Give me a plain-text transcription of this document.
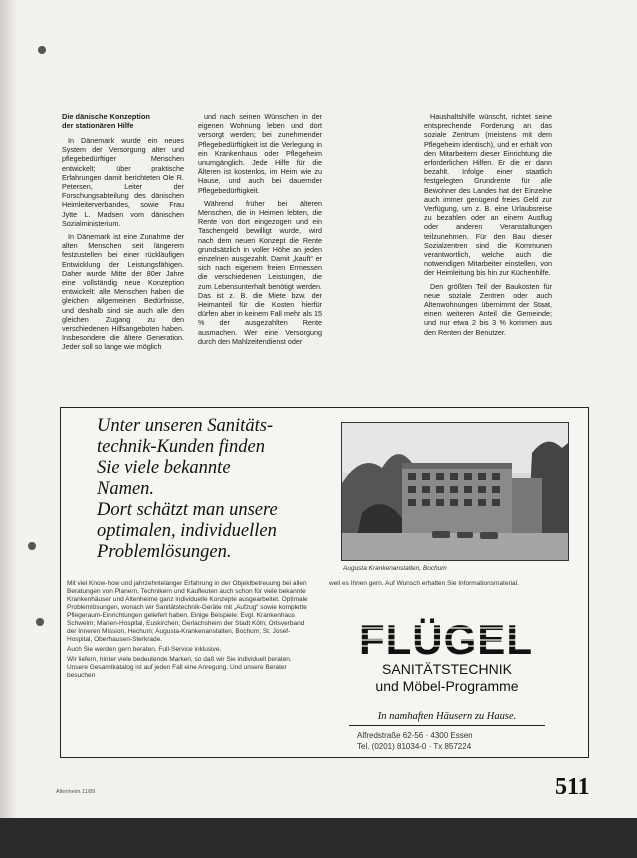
Die dänische Konzeption
der stationären Hilfe

In Dänemark wurde ein neues System der Versorgung alter und pflegebedürftiger Menschen entwickelt; über praktische Erfahrungen damit berichteten Ole R. Petersen, Leiter der Forschungsabteilung des dänischen Heimleiterverbandes, sowie Frau Jytte L. Madsen vom dänischen Sozialministerium.

In Dänemark ist eine Zunahme der alten Menschen seit längerem festzustellen bei einer rückläufigen Entwicklung der Leistungsfähigen. Daher wurde Mitte der 80er Jahre eine vollständig neue Konzeption entwickelt: alle Menschen haben die gleichen allgemeinen Bedürfnisse, und deshalb sind sie auch alle den gleichen Zugang zu den verschiedenen Hilfsangeboten haben. Insbesondere die ältere Generation. Jeder soll so lange wie möglich

und nach seinen Wünschen in der eigenen Wohnung leben und dort versorgt werden; bei zunehmender Pflegebedürftigkeit ist die Verlegung in ein Krankenhaus oder Pflegeheim unumgänglich. Jede Hilfe für die Älteren ist kostenlos, im Heim wie zu Hause, und auch bei dauernder Pflegebedürftigkeit.

Während früher bei älteren Menschen, die in Heimen lebten, die Rente von dort eingezogen und ein Taschengeld bewilligt wurde, wird nach dem neuen Konzept die Rente grundsätzlich in voller Höhe an jeden einzelnen ausgezahlt. Damit „kauft“ er sich nach eigenem freien Ermessen die verschiedenen Leistungen, die zum Lebensunterhalt benötigt werden. Das ist z. B. die Miete bzw. der Heimanteil für die Kosten hierfür dürfen aber in keinem Fall mehr als 15 % der ausgezahlten Rente ausmachen. Wer eine Versorgung durch den Mahlzeitendienst oder

Haushaltshilfe wünscht, richtet seine entsprechende Forderung an das soziale Zentrum (meistens mit dem Pflegeheim identisch), und er erhält von den Mitarbeitern dieser Einrichtung die erforderlichen Hilfen. Er die er dann bezahlt. Infolge einer staatlich festgelegten Grundrente für alle Bewohner des Landes hat der Einzelne auch immer genügend freies Geld zur Verfügung, um z. B. eine Urlaubsreise zu bezahlen oder an einem Ausflug oder anderen Veranstaltungen teilzunehmen. Für den Bau dieser Sozialzentren sind die Kommunen verantwortlich, welche auch die notwendigen Mitarbeiter einstellen, von der Heimleitung bis hin zur Küchenhilfe.

Den größten Teil der Baukosten für neue soziale Zentren oder auch Altenwohnungen übernimmt der Staat, einen weiteren Anteil die Gemeinde; und nur etwa 2 bis 3 % kommen aus den Renten der Benutzer.

Unter unseren Sanitäts-
technik-Kunden finden
Sie viele bekannte
Namen.
Dort schätzt man unsere
optimalen, individuellen
Problemlösungen.
Augusta Krankenanstalten, Bochum

Mit viel Know-how und jahrzehntelanger Erfahrung in der Objektbetreuung bei allen Beratungen von Planern, Technikern und Kaufleuten auch schon für viele bekannte Krankenhäuser und Altenheime ganz individuelle Konzepte ausgearbeitet. Optimale Problemlösungen, wonach wir Sanitätstechnik-Geräte mit „Aufzug“ sowie komplette Pflegeraum-Einrichtungen geliefert haben. Einige Beispiele: Evgl. Krankenhaus Schwelm; Marien-Hospital, Euskirchen; Gerlachsheim der Stadt Köln; Ortsverband der Inneren Mission, Hechum; Augusta-Krankenanstalten, Bochum; St. Josef-Hospital, Oberhausen-Sterkrade.

Auch Sie werden gern beraten. Full-Service inklusive.

Wir liefern, hinter viele bedeutende Marken, so daß wir Sie individuell beraten. Unsere Gesamtkatalog ist auf jeden Fall eine Anregung. Und unsere Berater besuchen

weil es Ihnen gern. Auf Wunsch erhalten Sie Informationsmaterial.
FLÜGEL
SANITÄTSTECHNIK
und Möbel-Programme
In namhaften Häusern zu Hause.
Alfredstraße 62-56 · 4300 Essen
Tel. (0201) 81034-0 · Tx 857224
Altenheim 11/89	511
